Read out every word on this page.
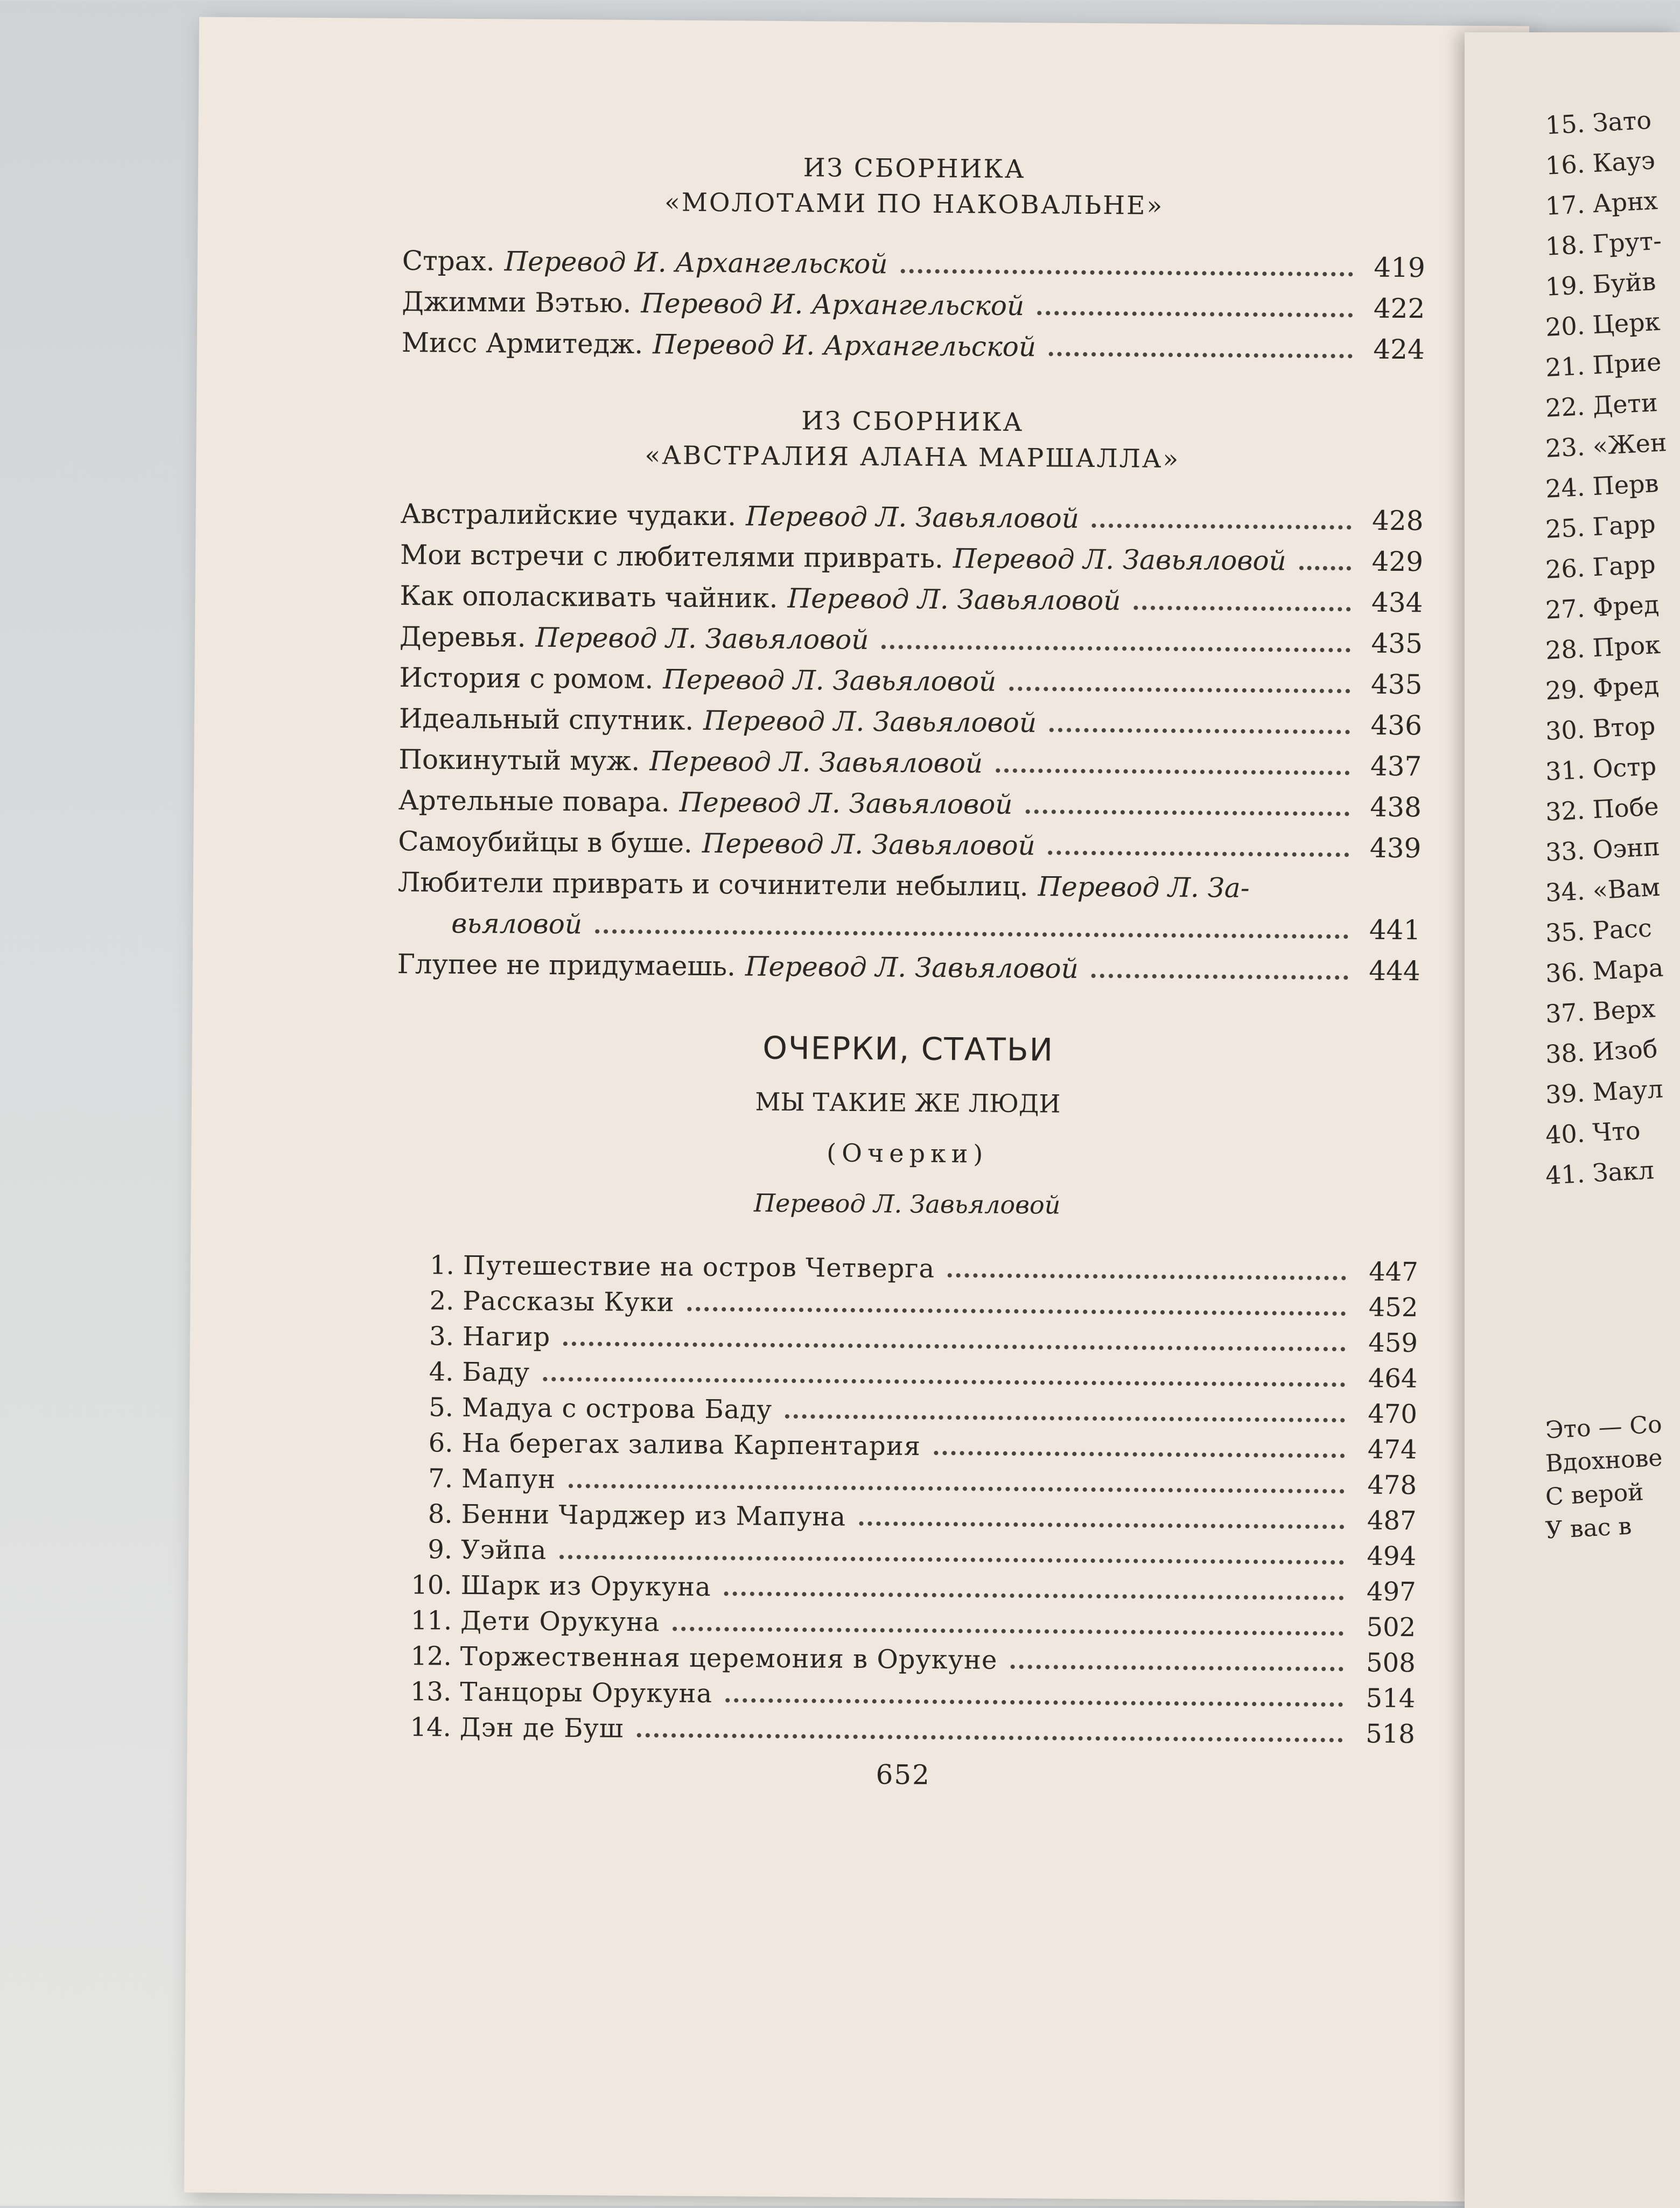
ИЗ СБОРНИКА
«МОЛОТАМИ ПО НАКОВАЛЬНЕ»
Страх. Перевод И. Архангельской	419
Джимми Вэтью. Перевод И. Архангельской	422
Мисс Армитедж. Перевод И. Архангельской	424
ИЗ СБОРНИКА
«АВСТРАЛИЯ АЛАНА МАРШАЛЛА»
Австралийские чудаки. Перевод Л. Завьяловой	428
Мои встречи с любителями приврать. Перевод Л. Завьяловой	429
Как ополаскивать чайник. Перевод Л. Завьяловой	434
Деревья. Перевод Л. Завьяловой	435
История с ромом. Перевод Л. Завьяловой	435
Идеальный спутник. Перевод Л. Завьяловой	436
Покинутый муж. Перевод Л. Завьяловой	437
Артельные повара. Перевод Л. Завьяловой	438
Самоубийцы в буше. Перевод Л. Завьяловой	439
Любители приврать и сочинители небылиц. Перевод Л. За-
вьяловой	441
Глупее не придумаешь. Перевод Л. Завьяловой	444
ОЧЕРКИ, СТАТЬИ
МЫ ТАКИЕ ЖЕ ЛЮДИ
(Очерки)
Перевод Л. Завьяловой
1. Путешествие на остров Четверга	447
2. Рассказы Куки	452
3. Нагир	459
4. Баду	464
5. Мадуа с острова Баду	470
6. На берегах залива Карпентария	474
7. Мапун	478
8. Бенни Чарджер из Мапуна	487
9. Уэйпа	494
10. Шарк из Орукуна	497
11. Дети Орукуна	502
12. Торжественная церемония в Орукуне	508
13. Танцоры Орукуна	514
14. Дэн де Буш	518
652
15. Зато
16. Кауэ
17. Арнх
18. Грут-
19. Буйв
20. Церк
21. Прие
22. Дети
23. «Жен
24. Перв
25. Гарр
26. Гарр
27. Фред
28. Прок
29. Фред
30. Втор
31. Остр
32. Побе
33. Оэнп
34. «Вам
35. Расс
36. Мара
37. Верх
38. Изоб
39. Маул
40. Что
41. Закл
Это — Со
Вдохнове
С верой
У вас в
